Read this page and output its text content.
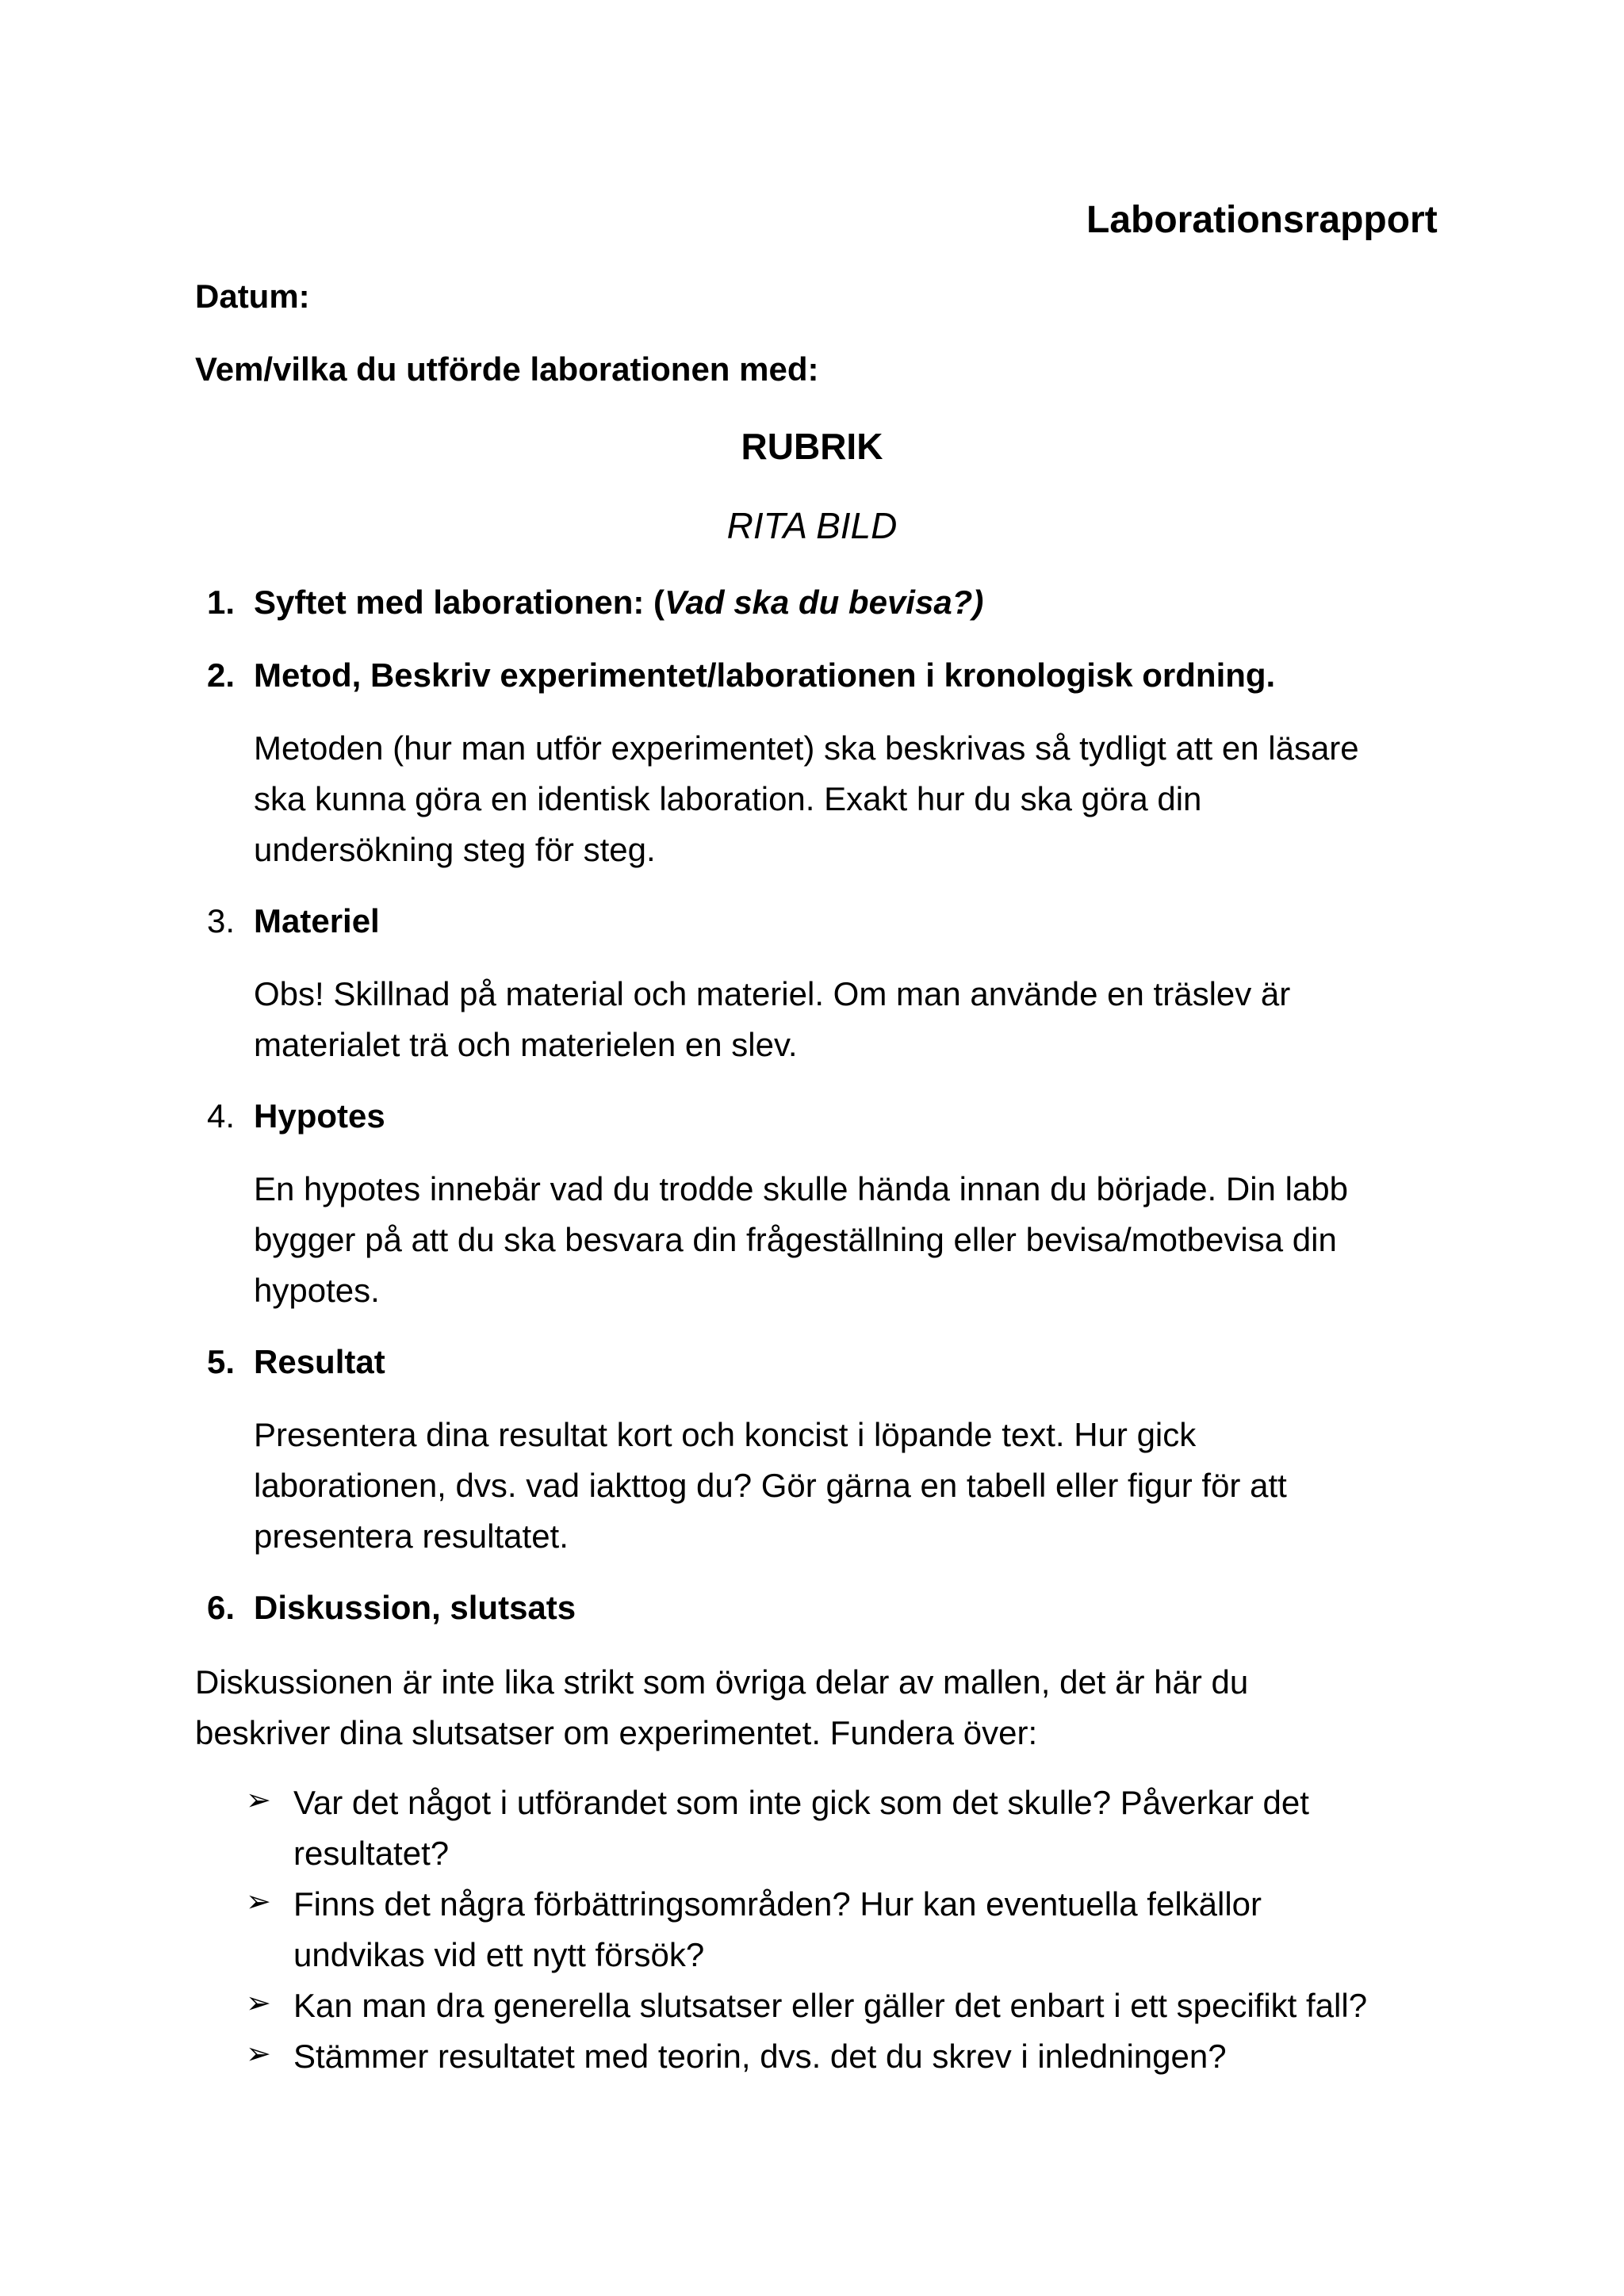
Laborationsrapport
Datum:
Vem/vilka du utförde laborationen med:
RUBRIK
RITA BILD
1. Syftet med laborationen: (Vad ska du bevisa?)
2. Metod, Beskriv experimentet/laborationen i kronologisk ordning.
Metoden (hur man utför experimentet) ska beskrivas så tydligt att en läsare
ska kunna göra en identisk laboration. Exakt hur du ska göra din
undersökning steg för steg.
3. Materiel
Obs! Skillnad på material och materiel. Om man använde en träslev är
materialet trä och materielen en slev.
4. Hypotes
En hypotes innebär vad du trodde skulle hända innan du började. Din labb
bygger på att du ska besvara din frågeställning eller bevisa/motbevisa din
hypotes.
5. Resultat
Presentera dina resultat kort och koncist i löpande text. Hur gick
laborationen, dvs. vad iakttog du? Gör gärna en tabell eller figur för att
presentera resultatet.
6. Diskussion, slutsats
Diskussionen är inte lika strikt som övriga delar av mallen, det är här du
beskriver dina slutsatser om experimentet. Fundera över:
➢ Var det något i utförandet som inte gick som det skulle? Påverkar det
resultatet?
➢ Finns det några förbättringsområden? Hur kan eventuella felkällor
undvikas vid ett nytt försök?
➢ Kan man dra generella slutsatser eller gäller det enbart i ett specifikt fall?
➢ Stämmer resultatet med teorin, dvs. det du skrev i inledningen?
